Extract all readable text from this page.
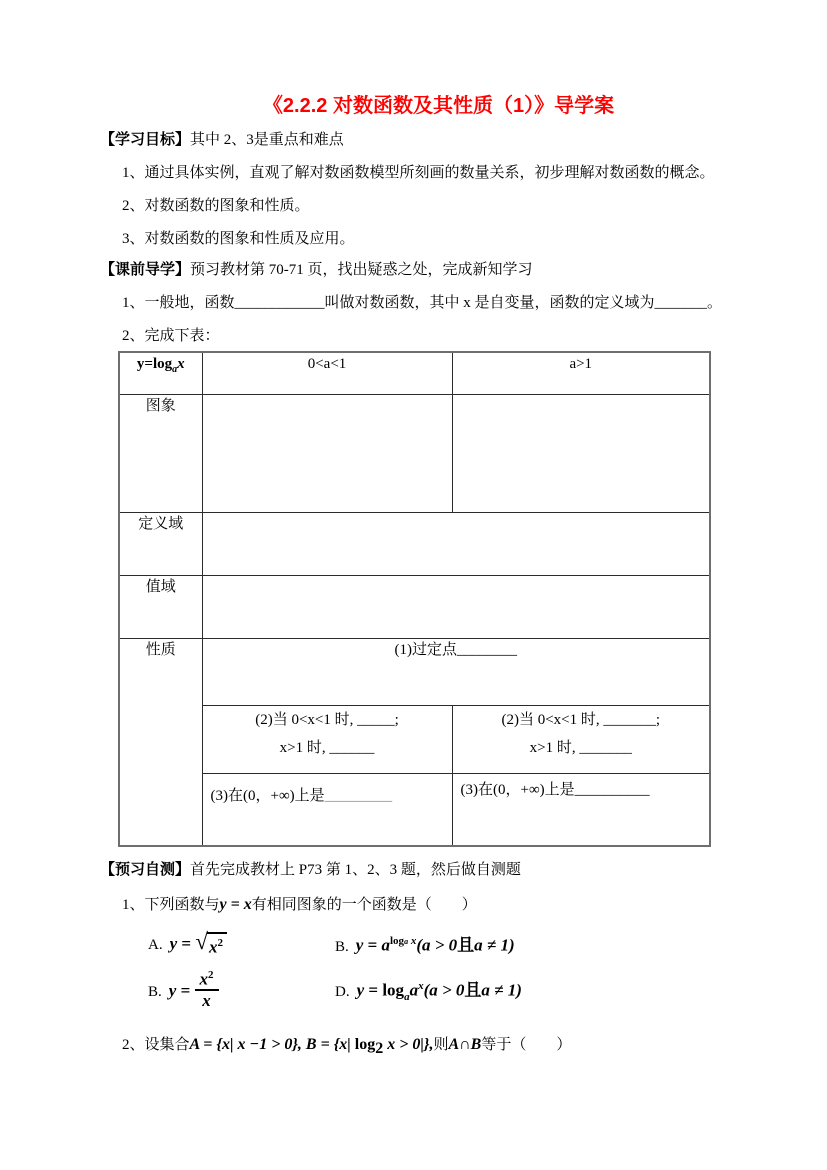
《2.2.2 对数函数及其性质（1）》导学案

【学习目标】其中 2、3是重点和难点

1、通过具体实例，直观了解对数函数模型所刻画的数量关系，初步理解对数函数的概念。

2、对数函数的图象和性质。

3、对数函数的图象和性质及应用。

【课前导学】预习教材第 70-71 页，找出疑惑之处，完成新知学习

1、一般地，函数____________叫做对数函数，其中 x 是自变量，函数的定义域为_______。

2、完成下表：

$y=\log_ax$	0<a<1	a>1
图象		
定义域		
值域		
性质	(1)过定点________	

	(2)当 0<x<1 时, _____;
x>1 时, ______	(2)当 0<x<1 时, _______;
x>1 时, _______

	(3)在(0，+∞)上是_________	(3)在(0，+∞)上是__________

【预习自测】首先完成教材上 P73 第 1、2、3 题，然后做自测题

1、下列函数与y = x有相同图象的一个函数是（　　）

A. y = √ $x^2$	B. $y = a^{loga x}(a > 0$且a ≠ 1)
B. $y = \frac{x^2}{x}$	D. $y = \log_aa^x(a > 0$且a ≠ 1)

2、设集合A = {x| x −1 > 0}, B = {x| $\log_2 x > 0|$},则A∩B等于（　　）
